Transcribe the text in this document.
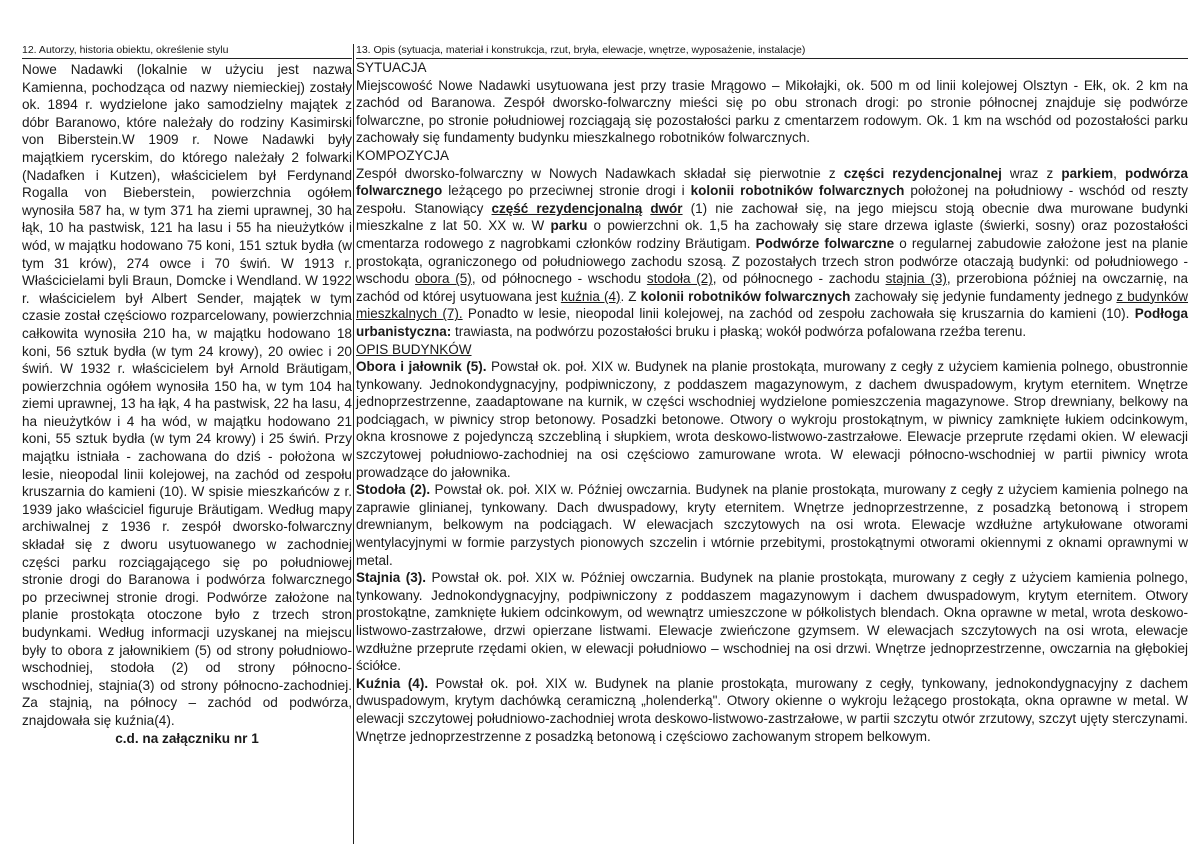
12. Autorzy, historia obiektu, określenie stylu

Nowe Nadawki (lokalnie w użyciu jest nazwa Kamienna, pochodząca od nazwy niemieckiej) zostały ok. 1894 r. wydzielone jako samodzielny majątek z dóbr Baranowo, które należały do rodziny Kasimirski von Biberstein.W 1909 r. Nowe Nadawki były majątkiem rycerskim, do którego należały 2 folwarki (Nadafken i Kutzen), właścicielem był Ferdynand Rogalla von Bieberstein, powierzchnia ogółem wynosiła 587 ha, w tym 371 ha ziemi uprawnej, 30 ha łąk, 10 ha pastwisk, 121 ha lasu i 55 ha nieużytków i wód, w majątku hodowano 75 koni, 151 sztuk bydła (w tym 31 krów), 274 owce i 70 świń. W 1913 r. Właścicielami byli Braun, Domcke i Wendland. W 1922 r. właścicielem był Albert Sender, majątek w tym czasie został częściowo rozparcelowany, powierzchnia całkowita wynosiła 210 ha, w majątku hodowano 18 koni, 56 sztuk bydła (w tym 24 krowy), 20 owiec i 20 świń. W 1932 r. właścicielem był Arnold Bräutigam, powierzchnia ogółem wynosiła 150 ha, w tym 104 ha ziemi uprawnej, 13 ha łąk, 4 ha pastwisk, 22 ha lasu, 4 ha nieużytków i 4 ha wód, w majątku hodowano 21 koni, 55 sztuk bydła (w tym 24 krowy) i 25 świń. Przy majątku istniała - zachowana do dziś - położona w lesie, nieopodal linii kolejowej, na zachód od zespołu kruszarnia do kamieni (10). W spisie mieszkańców z r. 1939 jako właściciel figuruje Bräutigam. Według mapy archiwalnej z 1936 r. zespół dworsko-folwarczny składał się z dworu usytuowanego w zachodniej części parku rozciągającego się po południowej stronie drogi do Baranowa i podwórza folwarcznego po przeciwnej stronie drogi. Podwórze założone na planie prostokąta otoczone było z trzech stron budynkami. Według informacji uzyskanej na miejscu były to obora z jałownikiem (5) od strony południowo-wschodniej, stodoła (2) od strony północno-wschodniej, stajnia(3) od strony północno-zachodniej. Za stajnią, na północy – zachód od podwórza, znajdowała się kuźnia(4).

c.d. na załączniku nr 1
13. Opis (sytuacja, materiał i konstrukcja, rzut, bryła, elewacje, wnętrze, wyposażenie, instalacje)
SYTUACJA

Miejscowość Nowe Nadawki usytuowana jest przy trasie Mrągowo – Mikołajki, ok. 500 m od linii kolejowej Olsztyn - Ełk, ok. 2 km na zachód od Baranowa. Zespół dworsko-folwarczny mieści się po obu stronach drogi: po stronie północnej znajduje się podwórze folwarczne, po stronie południowej rozciągają się pozostałości parku z cmentarzem rodowym. Ok. 1 km na wschód od pozostałości parku zachowały się fundamenty budynku mieszkalnego robotników folwarcznych.

KOMPOZYCJA

Zespół dworsko-folwarczny w Nowych Nadawkach składał się pierwotnie z części rezydencjonalnej wraz z parkiem, podwórza folwarcznego leżącego po przeciwnej stronie drogi i kolonii robotników folwarcznych położonej na południowy - wschód od reszty zespołu. Stanowiący część rezydencjonalną dwór (1) nie zachował się, na jego miejscu stoją obecnie dwa murowane budynki mieszkalne z lat 50. XX w. W parku o powierzchni ok. 1,5 ha zachowały się stare drzewa iglaste (świerki, sosny) oraz pozostałości cmentarza rodowego z nagrobkami członków rodziny Bräutigam. Podwórze folwarczne o regularnej zabudowie założone jest na planie prostokąta, ograniczonego od południowego zachodu szosą. Z pozostałych trzech stron podwórze otaczają budynki: od południowego - wschodu obora (5), od północnego - wschodu stodoła (2), od północnego - zachodu stajnia (3), przerobiona później na owczarnię, na zachód od której usytuowana jest kuźnia (4). Z kolonii robotników folwarcznych zachowały się jedynie fundamenty jednego z budynków mieszkalnych (7). Ponadto w lesie, nieopodal linii kolejowej, na zachód od zespołu zachowała się kruszarnia do kamieni (10). Podłoga urbanistyczna: trawiasta, na podwórzu pozostałości bruku i płaską; wokół podwórza pofalowana rzeźba terenu.

OPIS BUDYNKÓW

Obora i jałownik (5). Powstał ok. poł. XIX w. Budynek na planie prostokąta, murowany z cegły z użyciem kamienia polnego, obustronnie tynkowany. Jednokondygnacyjny, podpiwniczony, z poddaszem magazynowym, z dachem dwuspadowym, krytym eternitem. Wnętrze jednoprzestrzenne, zaadaptowane na kurnik, w części wschodniej wydzielone pomieszczenia magazynowe. Strop drewniany, belkowy na podciągach, w piwnicy strop betonowy. Posadzki betonowe. Otwory o wykroju prostokątnym, w piwnicy zamknięte łukiem odcinkowym, okna krosnowe z pojedynczą szczebliną i słupkiem, wrota deskowo-listwowo-zastrzałowe. Elewacje przeprute rzędami okien. W elewacji szczytowej południowo-zachodniej na osi częściowo zamurowane wrota. W elewacji północno-wschodniej w partii piwnicy wrota prowadzące do jałownika.

Stodoła (2). Powstał ok. poł. XIX w. Później owczarnia. Budynek na planie prostokąta, murowany z cegły z użyciem kamienia polnego na zaprawie glinianej, tynkowany. Dach dwuspadowy, kryty eternitem. Wnętrze jednoprzestrzenne, z posadzką betonową i stropem drewnianym, belkowym na podciągach. W elewacjach szczytowych na osi wrota. Elewacje wzdłużne artykułowane otworami wentylacyjnymi w formie parzystych pionowych szczelin i wtórnie przebitymi, prostokątnymi otworami okiennymi z oknami oprawnymi w metal.

Stajnia (3). Powstał ok. poł. XIX w. Później owczarnia. Budynek na planie prostokąta, murowany z cegły z użyciem kamienia polnego, tynkowany. Jednokondygnacyjny, podpiwniczony z poddaszem magazynowym i dachem dwuspadowym, krytym eternitem. Otwory prostokątne, zamknięte łukiem odcinkowym, od wewnątrz umieszczone w półkolistych blendach. Okna oprawne w metal, wrota deskowo-listwowo-zastrzałowe, drzwi opierzane listwami. Elewacje zwieńczone gzymsem. W elewacjach szczytowych na osi wrota, elewacje wzdłużne przeprute rzędami okien, w elewacji południowo – wschodniej na osi drzwi. Wnętrze jednoprzestrzenne, owczarnia na głębokiej ściółce.

Kuźnia (4). Powstał ok. poł. XIX w. Budynek na planie prostokąta, murowany z cegły, tynkowany, jednokondygnacyjny z dachem dwuspadowym, krytym dachówką ceramiczną „holenderką". Otwory okienne o wykroju leżącego prostokąta, okna oprawne w metal. W elewacji szczytowej południowo-zachodniej wrota deskowo-listwowo-zastrzałowe, w partii szczytu otwór zrzutowy, szczyt ujęty sterczynami. Wnętrze jednoprzestrzenne z posadzką betonową i częściowo zachowanym stropem belkowym.
